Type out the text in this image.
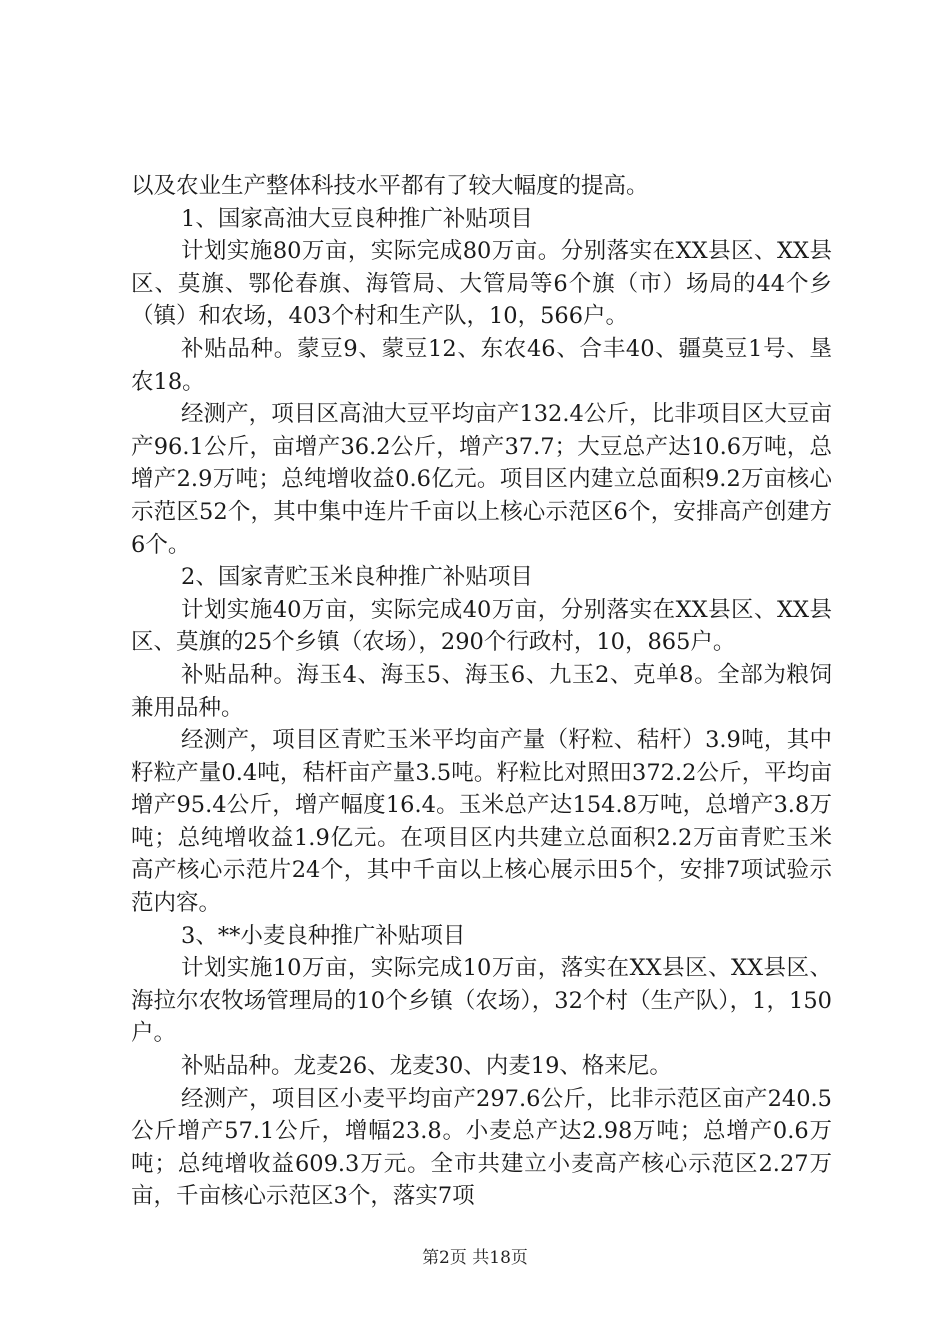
以及农业生产整体科技水平都有了较大幅度的提高。

1、国家高油大豆良种推广补贴项目

计划实施80万亩，实际完成80万亩。分别落实在XX县区、XX县区、莫旗、鄂伦春旗、海管局、大管局等6个旗（市）场局的44个乡（镇）和农场，403个村和生产队，10，566户。

补贴品种。蒙豆9、蒙豆12、东农46、合丰40、疆莫豆1号、垦农18。

经测产，项目区高油大豆平均亩产132.4公斤，比非项目区大豆亩产96.1公斤，亩增产36.2公斤，增产37.7；大豆总产达10.6万吨，总增产2.9万吨；总纯增收益0.6亿元。项目区内建立总面积9.2万亩核心示范区52个，其中集中连片千亩以上核心示范区6个，安排高产创建方6个。

2、国家青贮玉米良种推广补贴项目

计划实施40万亩，实际完成40万亩，分别落实在XX县区、XX县区、莫旗的25个乡镇（农场），290个行政村，10，865户。

补贴品种。海玉4、海玉5、海玉6、九玉2、克单8。全部为粮饲兼用品种。

经测产，项目区青贮玉米平均亩产量（籽粒、秸杆）3.9吨，其中籽粒产量0.4吨，秸杆亩产量3.5吨。籽粒比对照田372.2公斤，平均亩增产95.4公斤，增产幅度16.4。玉米总产达154.8万吨，总增产3.8万吨；总纯增收益1.9亿元。在项目区内共建立总面积2.2万亩青贮玉米高产核心示范片24个，其中千亩以上核心展示田5个，安排7项试验示范内容。

3、**小麦良种推广补贴项目

计划实施10万亩，实际完成10万亩，落实在XX县区、XX县区、海拉尔农牧场管理局的10个乡镇（农场），32个村（生产队），1，150户。

补贴品种。龙麦26、龙麦30、内麦19、格来尼。

经测产，项目区小麦平均亩产297.6公斤，比非示范区亩产240.5公斤增产57.1公斤，增幅23.8。小麦总产达2.98万吨；总增产0.6万吨；总纯增收益609.3万元。全市共建立小麦高产核心示范区2.27万亩，千亩核心示范区3个，落实7项

第2页 共18页
